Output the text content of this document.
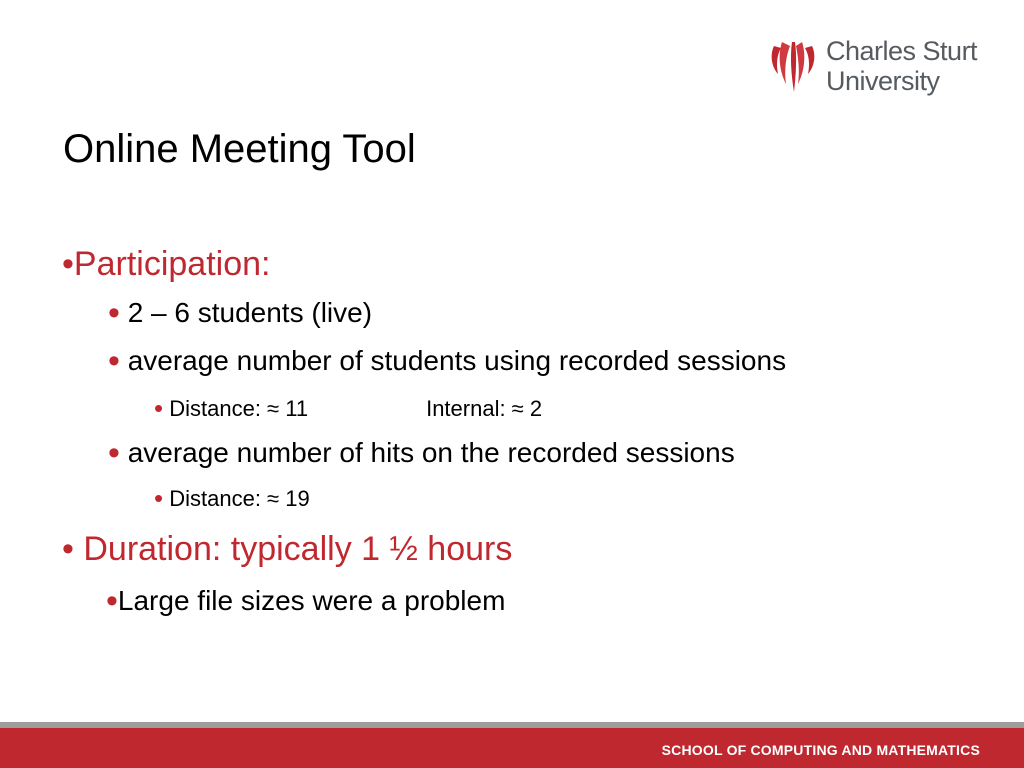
Charles Sturt
University
Online Meeting Tool
•Participation:
• 2 – 6 students (live)
• average number of students using recorded sessions
• Distance: ≈ 11	Internal: ≈ 2
• average number of hits on the recorded sessions
• Distance: ≈ 19
• Duration: typically 1 ½ hours
•Large file sizes were a problem
SCHOOL OF COMPUTING AND MATHEMATICS
